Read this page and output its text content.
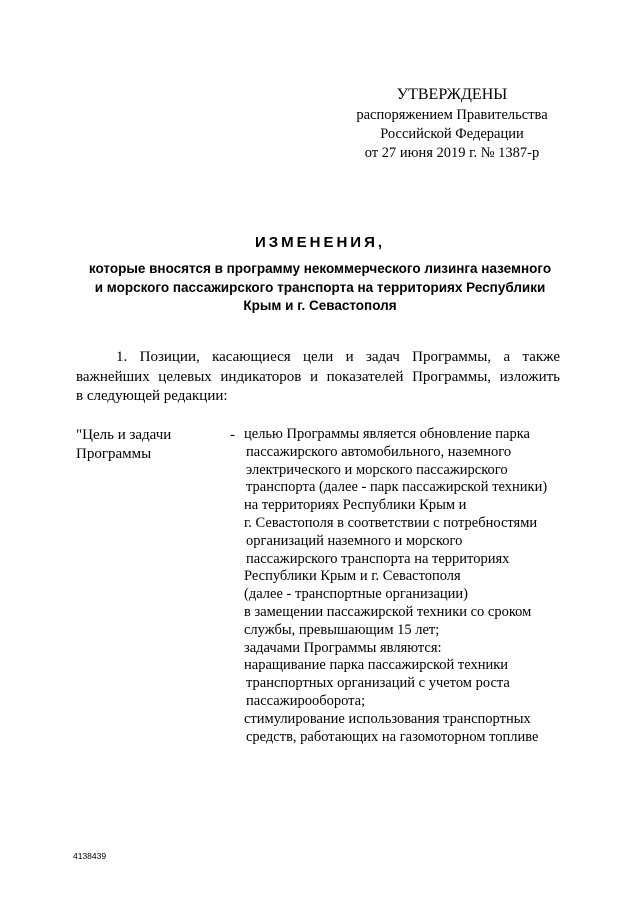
УТВЕРЖДЕНЫ
распоряжением Правительства
Российской Федерации
от 27 июня 2019 г. № 1387-р
ИЗМЕНЕНИЯ,
которые вносятся в программу некоммерческого лизинга наземного
и морского пассажирского транспорта на территориях Республики
Крым и г. Севастополя
1. Позиции, касающиеся цели и задач Программы, а также
важнейших целевых индикаторов и показателей Программы, изложить
в следующей редакции:
"Цель и задачи
Программы
- целью Программы является обновление парка
пассажирского автомобильного, наземного
электрического и морского пассажирского
транспорта (далее - парк пассажирской техники)
на территориях Республики Крым и
г. Севастополя в соответствии с потребностями
организаций наземного и морского
пассажирского транспорта на территориях
Республики Крым и г. Севастополя
(далее - транспортные организации)
в замещении пассажирской техники со сроком
службы, превышающим 15 лет;
задачами Программы являются:
наращивание парка пассажирской техники
транспортных организаций с учетом роста
пассажирооборота;
стимулирование использования транспортных
средств, работающих на газомоторном топливе
4138439
